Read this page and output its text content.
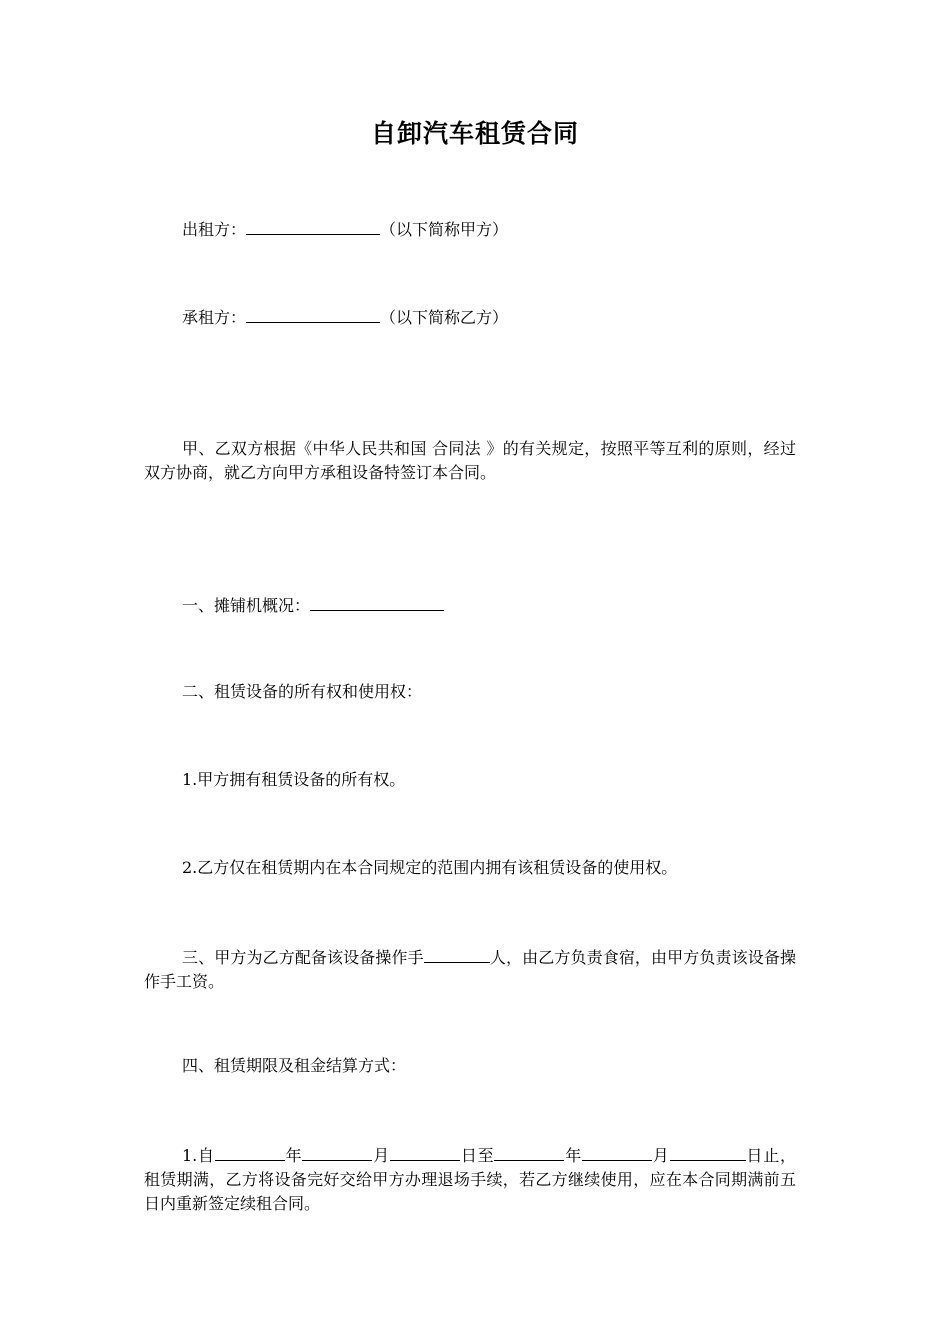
自卸汽车租赁合同
出租方：	（以下简称甲方）
承租方：	（以下简称乙方）
甲、乙双方根据《中华人民共和国 合同法 》的有关规定，按照平等互利的原则，经过双方协商，就乙方向甲方承租设备特签订本合同。
一、摊铺机概况：
二、租赁设备的所有权和使用权：
1.甲方拥有租赁设备的所有权。
2.乙方仅在租赁期内在本合同规定的范围内拥有该租赁设备的使用权。
三、甲方为乙方配备该设备操作手	人，由乙方负责食宿，由甲方负责该设备操作手工资。
四、租赁期限及租金结算方式：
1.自	年	月	日至	年	月	日止，租赁期满，乙方将设备完好交给甲方办理退场手续，若乙方继续使用，应在本合同期满前五日内重新签定续租合同。
